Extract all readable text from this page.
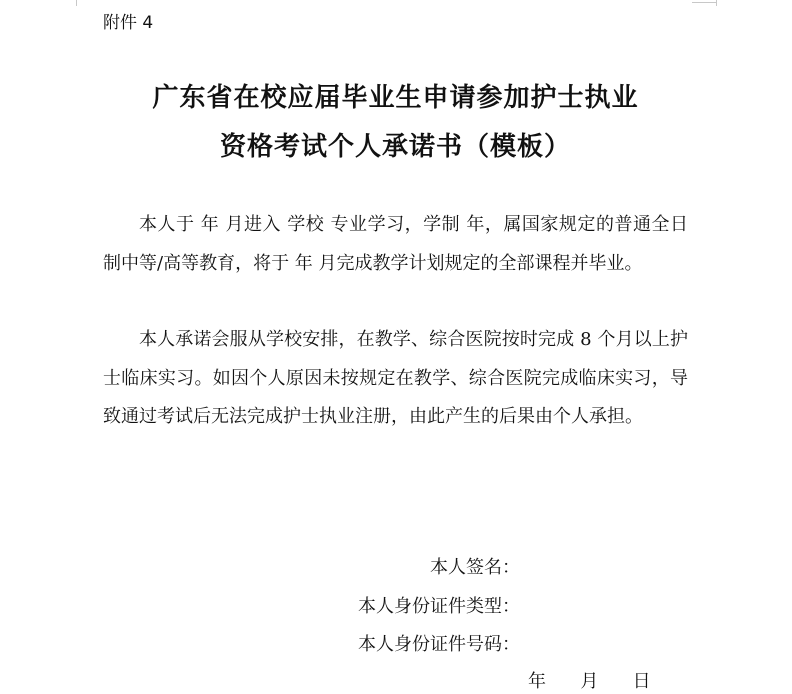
附件 4
广东省在校应届毕业生申请参加护士执业
资格考试个人承诺书（模板）
本人于 年 月进入 学校 专业学习，学制 年，属国家规定的普通全日制中等/高等教育，将于 年 月完成教学计划规定的全部课程并毕业。
本人承诺会服从学校安排，在教学、综合医院按时完成 8 个月以上护士临床实习。如因个人原因未按规定在教学、综合医院完成临床实习，导致通过考试后无法完成护士执业注册，由此产生的后果由个人承担。
本人签名：
本人身份证件类型：
本人身份证件号码：
年      月      日
